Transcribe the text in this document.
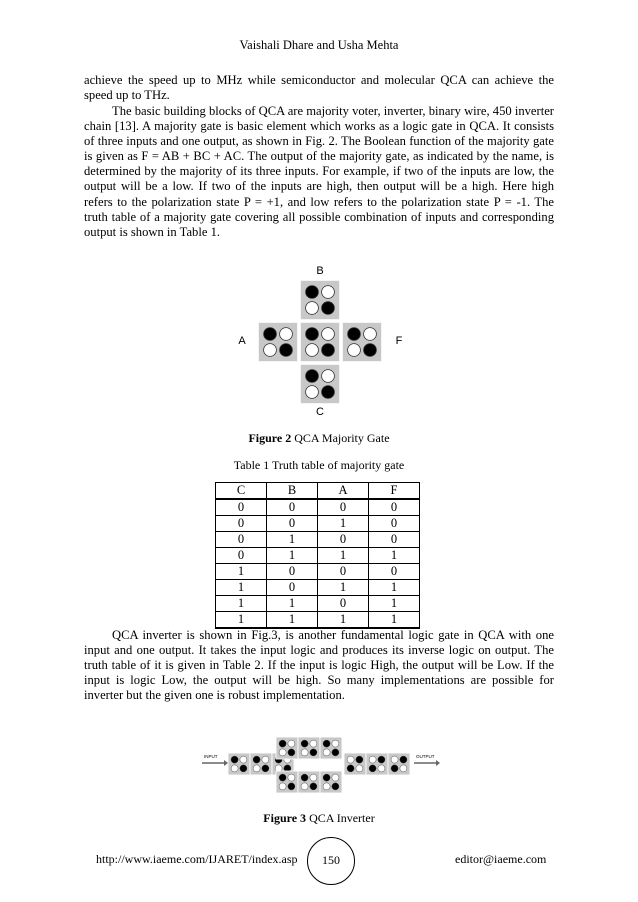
Vaishali Dhare and Usha Mehta

achieve the speed up to MHz while semiconductor and molecular QCA can achieve the speed up to THz.

The basic building blocks of QCA are majority voter, inverter, binary wire, 450 inverter chain [13]. A majority gate is basic element which works as a logic gate in QCA. It consists of three inputs and one output, as shown in Fig. 2. The Boolean function of the majority gate is given as F = AB + BC + AC. The output of the majority gate, as indicated by the name, is determined by the majority of its three inputs. For example, if two of the inputs are low, the output will be a low. If two of the inputs are high, then output will be a high. Here high refers to the polarization state P = +1, and low refers to the polarization state P = -1. The truth table of a majority gate covering all possible combination of inputs and corresponding output is shown in Table 1.

B
A	F
C
Figure 2 QCA Majority Gate
Table 1 Truth table of majority gate
C	B	A	F
0	0	0	0
0	0	1	0
0	1	0	0
0	1	1	1
1	0	0	0
1	0	1	1
1	1	0	1
1	1	1	1

QCA inverter is shown in Fig.3, is another fundamental logic gate in QCA with one input and one output. It takes the input logic and produces its inverse logic on output. The truth table of it is given in Table 2. If the input is logic High, the output will be Low. If the input is logic Low, the output will be high. So many implementations are possible for inverter but the given one is robust implementation.

INPUT	OUTPUT
Figure 3 QCA Inverter
http://www.iaeme.com/IJARET/index.asp	150	editor@iaeme.com
